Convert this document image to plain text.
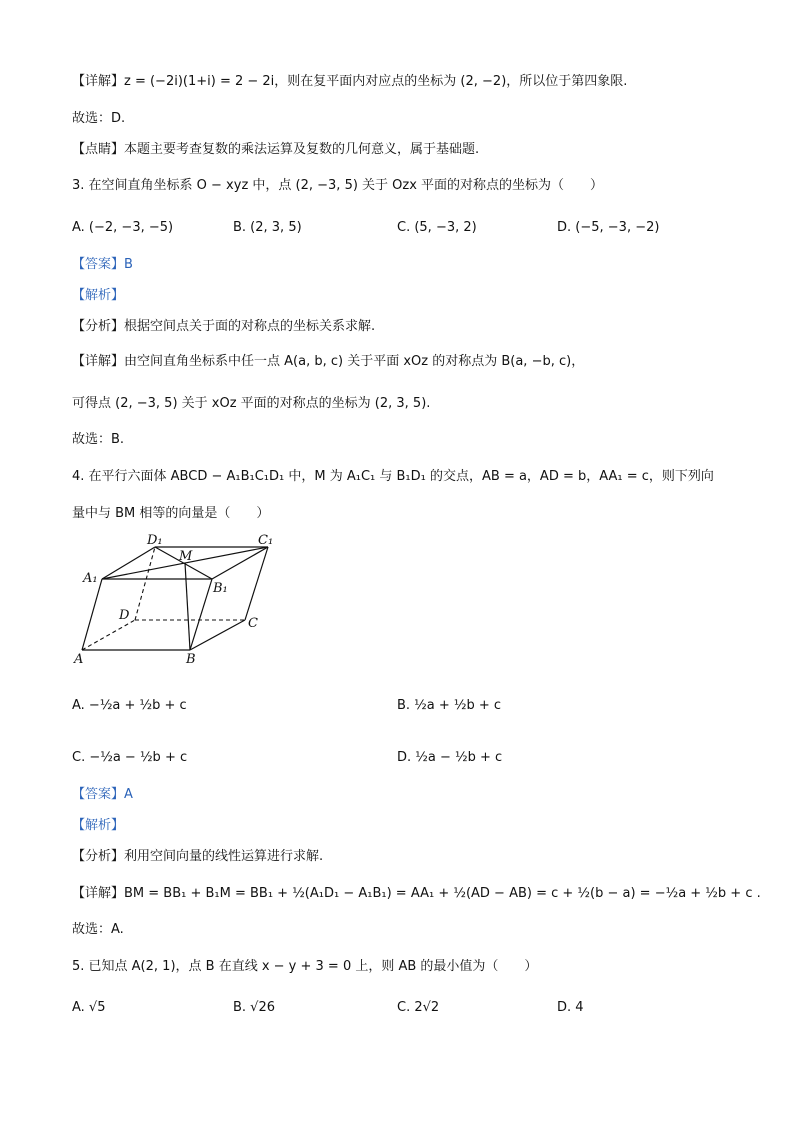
【详解】z = (−2i)(1+i) = 2 − 2i，则在复平面内对应点的坐标为 (2, −2)，所以位于第四象限.
故选：D.
【点睛】本题主要考查复数的乘法运算及复数的几何意义，属于基础题.
3. 在空间直角坐标系 O − xyz 中，点 (2, −3, 5) 关于 Ozx 平面的对称点的坐标为（　　）
A. (−2, −3, −5)	B. (2, 3, 5)	C. (5, −3, 2)	D. (−5, −3, −2)
【答案】B
【解析】
【分析】根据空间点关于面的对称点的坐标关系求解.
【详解】由空间直角坐标系中任一点 A(a, b, c) 关于平面 xOz 的对称点为 B(a, −b, c)，
可得点 (2, −3, 5) 关于 xOz 平面的对称点的坐标为 (2, 3, 5).
故选：B.
4. 在平行六面体 ABCD − A₁B₁C₁D₁ 中，M 为 A₁C₁ 与 B₁D₁ 的交点，AB = a，AD = b，AA₁ = c，则下列向
量中与 BM 相等的向量是（　　）
A	B
C
D
A₁
B₁
C₁
D₁
M
A. −½a + ½b + c	B. ½a + ½b + c
C. −½a − ½b + c	D. ½a − ½b + c
【答案】A
【解析】
【分析】利用空间向量的线性运算进行求解.
【详解】BM = BB₁ + B₁M = BB₁ + ½(A₁D₁ − A₁B₁) = AA₁ + ½(AD − AB) = c + ½(b − a) = −½a + ½b + c .
故选：A.
5. 已知点 A(2, 1)，点 B 在直线 x − y + 3 = 0 上，则 AB 的最小值为（　　）
A. √5	B. √26	C. 2√2	D. 4
